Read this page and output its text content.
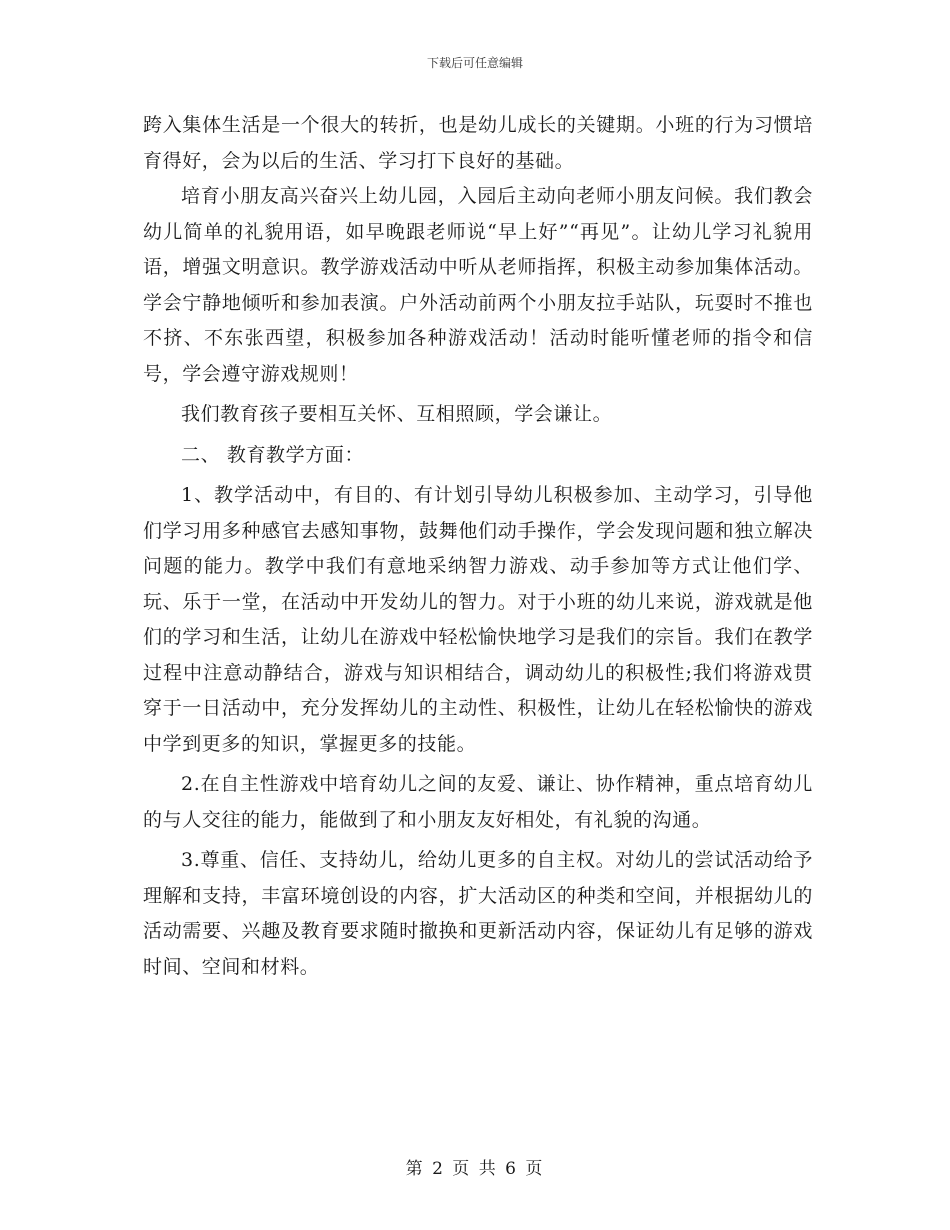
下载后可任意编辑

跨入集体生活是一个很大的转折，也是幼儿成长的关键期。小班的行为习惯培育得好，会为以后的生活、学习打下良好的基础。

培育小朋友高兴奋兴上幼儿园，入园后主动向老师小朋友问候。我们教会幼儿简单的礼貌用语，如早晚跟老师说“早上好”“再见”。让幼儿学习礼貌用语，增强文明意识。教学游戏活动中听从老师指挥，积极主动参加集体活动。学会宁静地倾听和参加表演。户外活动前两个小朋友拉手站队，玩耍时不推也不挤、不东张西望，积极参加各种游戏活动！活动时能听懂老师的指令和信号，学会遵守游戏规则！

我们教育孩子要相互关怀、互相照顾，学会谦让。

二、 教育教学方面：

1、教学活动中，有目的、有计划引导幼儿积极参加、主动学习，引导他们学习用多种感官去感知事物，鼓舞他们动手操作，学会发现问题和独立解决问题的能力。教学中我们有意地采纳智力游戏、动手参加等方式让他们学、玩、乐于一堂，在活动中开发幼儿的智力。对于小班的幼儿来说，游戏就是他们的学习和生活，让幼儿在游戏中轻松愉快地学习是我们的宗旨。我们在教学过程中注意动静结合，游戏与知识相结合，调动幼儿的积极性;我们将游戏贯穿于一日活动中，充分发挥幼儿的主动性、积极性，让幼儿在轻松愉快的游戏中学到更多的知识，掌握更多的技能。

2.在自主性游戏中培育幼儿之间的友爱、谦让、协作精神，重点培育幼儿的与人交往的能力，能做到了和小朋友友好相处，有礼貌的沟通。

3.尊重、信任、支持幼儿，给幼儿更多的自主权。对幼儿的尝试活动给予理解和支持，丰富环境创设的内容，扩大活动区的种类和空间，并根据幼儿的活动需要、兴趣及教育要求随时撤换和更新活动内容，保证幼儿有足够的游戏时间、空间和材料。

第 2 页 共 6 页
